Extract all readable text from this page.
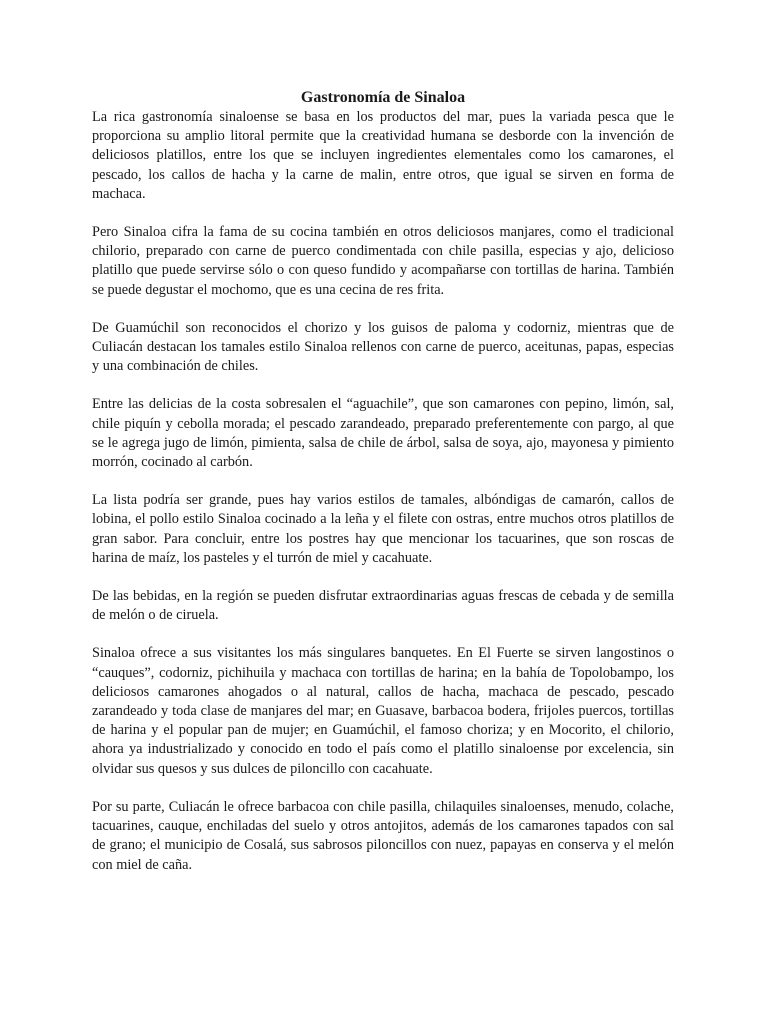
Gastronomía de Sinaloa

La rica gastronomía sinaloense se basa en los productos del mar, pues la variada pesca que le proporciona su amplio litoral permite que la creatividad humana se desborde con la invención de deliciosos platillos, entre los que se incluyen ingredientes elementales como los camarones, el pescado, los callos de hacha y la carne de malin, entre otros, que igual se sirven en forma de machaca.

Pero Sinaloa cifra la fama de su cocina también en otros deliciosos manjares, como el tradicional chilorio, preparado con carne de puerco condimentada con chile pasilla, especias y ajo, delicioso platillo que puede servirse sólo o con queso fundido y acompañarse con tortillas de harina. También se puede degustar el mochomo, que es una cecina de res frita.

De Guamúchil son reconocidos el chorizo y los guisos de paloma y codorniz, mientras que de Culiacán destacan los tamales estilo Sinaloa rellenos con carne de puerco, aceitunas, papas, especias y una combinación de chiles.

Entre las delicias de la costa sobresalen el “aguachile”, que son camarones con pepino, limón, sal, chile piquín y cebolla morada; el pescado zarandeado, preparado preferentemente con pargo, al que se le agrega jugo de limón, pimienta, salsa de chile de árbol, salsa de soya, ajo, mayonesa y pimiento morrón, cocinado al carbón.

La lista podría ser grande, pues hay varios estilos de tamales, albóndigas de camarón, callos de lobina, el pollo estilo Sinaloa cocinado a la leña y el filete con ostras, entre muchos otros platillos de gran sabor. Para concluir, entre los postres hay que mencionar los tacuarines, que son roscas de harina de maíz, los pasteles y el turrón de miel y cacahuate.

De las bebidas, en la región se pueden disfrutar extraordinarias aguas frescas de cebada y de semilla de melón o de ciruela.

Sinaloa ofrece a sus visitantes los más singulares banquetes. En El Fuerte se sirven langostinos o “cauques”, codorniz, pichihuila y machaca con tortillas de harina; en la bahía de Topolobampo, los deliciosos camarones ahogados o al natural, callos de hacha, machaca de pescado, pescado zarandeado y toda clase de manjares del mar; en Guasave, barbacoa bodera, frijoles puercos, tortillas de harina y el popular pan de mujer; en Guamúchil, el famoso choriza; y en Mocorito, el chilorio, ahora ya industrializado y conocido en todo el país como el platillo sinaloense por excelencia, sin olvidar sus quesos y sus dulces de piloncillo con cacahuate.

Por su parte, Culiacán le ofrece barbacoa con chile pasilla, chilaquiles sinaloenses, menudo, colache, tacuarines, cauque, enchiladas del suelo y otros antojitos, además de los camarones tapados con sal de grano; el municipio de Cosalá, sus sabrosos piloncillos con nuez, papayas en conserva y el melón con miel de caña.
